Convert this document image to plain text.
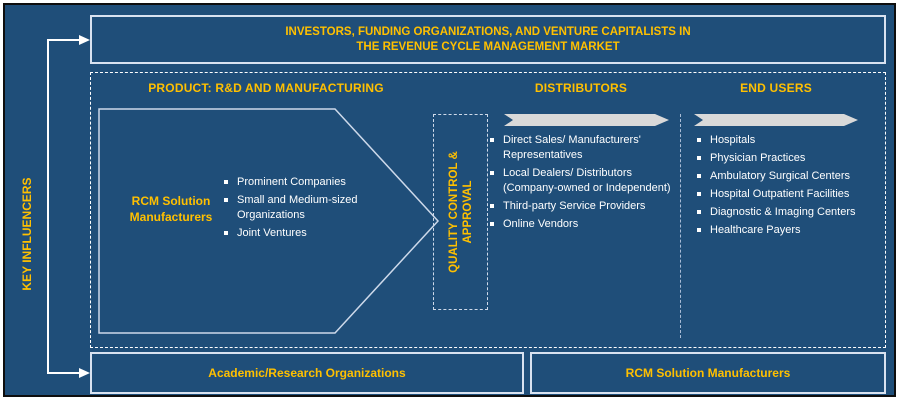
KEY INFLUENCERS
INVESTORS, FUNDING ORGANIZATIONS, AND VENTURE CAPITALISTS IN
THE REVENUE CYCLE MANAGEMENT MARKET
PRODUCT: R&D AND MANUFACTURING	DISTRIBUTORS	END USERS
RCM Solution Manufacturers
Prominent Companies
Small and Medium-sized Organizations
Joint Ventures	QUALITY CONTROL & APPROVAL
Direct Sales/ Manufacturers' Representatives
Local Dealers/ Distributors (Company-owned or Independent)
Third-party Service Providers
Online Vendors
Hospitals
Physician Practices
Ambulatory Surgical Centers
Hospital Outpatient Facilities
Diagnostic & Imaging Centers
Healthcare Payers
Academic/Research Organizations	RCM Solution Manufacturers
